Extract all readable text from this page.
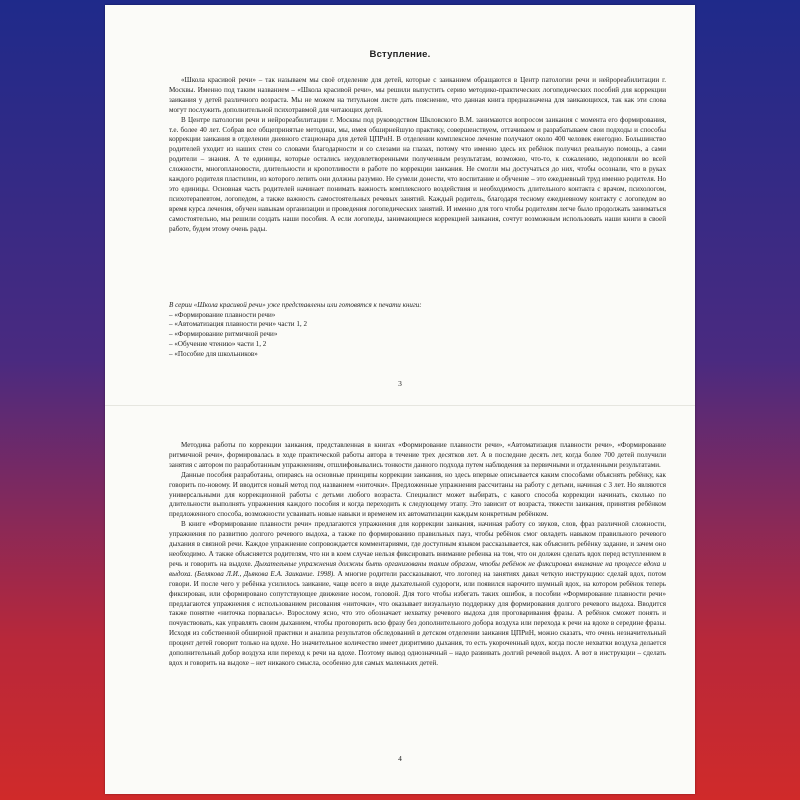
Вступление.

«Школа красивой речи» – так называем мы своё отделение для детей, которые с заиканием обращаются в Центр патологии речи и нейрореабилитации г. Москвы. Именно под таким названием – «Школа красивой речи», мы решили выпустить серию методико-практических логопедических пособий для коррекции заикания у детей различного возраста. Мы не можем на титульном листе дать пояснение, что данная книга предназначена для заикающихся, так как эти слова могут послужить дополнительной психотравмой для читающих детей.

В Центре патологии речи и нейрореабилитации г. Москвы под руководством Шкловского В.М. занимаются вопросом заикания с момента его формирования, т.е. более 40 лет. Собрав все общепринятые методики, мы, имея обширнейшую практику, совершенствуем, оттачиваем и разрабатываем свои подходы и способы коррекции заикания в отделении дневного стационара для детей ЦПРиН. В отделении комплексное лечение получают около 400 человек ежегодно. Большинство родителей уходит из наших стен со словами благодарности и со слезами на глазах, потому что именно здесь их ребёнок получил реальную помощь, а сами родители – знания. А те единицы, которые остались неудовлетворенными полученным результатам, возможно, что-то, к сожалению, недопоняли во всей сложности, многоплановости, длительности и кропотливости в работе по коррекции заикания. Не смогли мы достучаться до них, чтобы осознали, что в руках каждого родителя пластилин, из которого лепить они должны разумно. Не сумели донести, что воспитание и обучение – это ежедневный труд именно родителя. Но это единицы. Основная часть родителей начинает понимать важность комплексного воздействия и необходимость длительного контакта с врачом, психологом, психотерапевтом, логопедом, а также важность самостоятельных речевых занятий. Каждый родитель, благодаря тесному ежедневному контакту с логопедом во время курса лечения, обучен навыкам организации и проведения логопедических занятий. И именно для того чтобы родителям легче было продолжать заниматься самостоятельно, мы решили создать наши пособия. А если логопеды, занимающиеся коррекцией заикания, сочтут возможным использовать наши книги в своей работе, будем этому очень рады.

В серии «Школа красивой речи» уже представлены или готовятся к печати книги:
– «Формирование плавности речи»
– «Автоматизация плавности речи» части 1, 2
– «Формирование ритмичной речи»
– «Обучение чтению» части 1, 2
– «Пособие для школьников»
3

Методика работы по коррекции заикания, представленная в книгах «Формирование плавности речи», «Автоматизация плавности речи», «Формирование ритмичной речи», формировалась в ходе практической работы автора в течение трех десятков лет. А в последние десять лет, когда более 700 детей получили занятия с автором по разработанным упражнениям, отшлифовывались тонкости данного подхода путем наблюдения за первичными и отдаленными результатами.

Данные пособия разработаны, опираясь на основные принципы коррекции заикания, но здесь впервые описывается каким способами объяснять ребёнку, как говорить по-новому. И вводится новый метод под названием «ниточки». Предложенные упражнения рассчитаны на работу с детьми, начиная с 3 лет. Но являются универсальными для коррекционной работы с детьми любого возраста. Специалист может выбирать, с какого способа коррекции начинать, сколько по длительности выполнять упражнения каждого пособия и когда переходить к следующему этапу. Это зависит от возраста, тяжести заикания, принятия ребёнком предложенного способа, возможности усваивать новые навыки и временем их автоматизации каждым конкретным ребёнком.

В книге «Формирование плавности речи» предлагаются упражнения для коррекции заикания, начиная работу со звуков, слов, фраз различной сложности, упражнения по развитию долгого речевого выдоха, а также по формированию правильных пауз, чтобы ребёнок смог овладеть навыком правильного речевого дыхания в связной речи. Каждое упражнение сопровождается комментариями, где доступным языком рассказывается, как объяснить ребёнку задание, и зачем оно необходимо. А также объясняется родителям, что ни в коем случае нельзя фиксировать внимание ребенка на том, что он должен сделать вдох перед вступлением в речь и говорить на выдохе. Дыхательные упражнения должны быть организованы таким образом, чтобы ребёнок не фиксировал внимание на процессе вдоха и выдоха. (Белякова Л.И., Дьякова Е.А. Заикание. 1998). А многие родители рассказывают, что логопед на занятиях давал четкую инструкцию: сделай вдох, потом говори. И после чего у ребёнка усилилось заикание, чаще всего в виде дыхательной судороги, или появился нарочито шумный вдох, на котором ребёнок теперь фиксирован, или сформировано сопутствующее движение носом, головой. Для того чтобы избегать таких ошибок, в пособии «Формирование плавности речи» предлагаются упражнения с использованием рисования «ниточки», что оказывает визуальную поддержку для формирования долгого речевого выдоха. Вводится также понятие «ниточка порвалась». Взрослому ясно, что это обозначает нехватку речевого выдоха для проговаривания фразы. А ребёнок сможет понять и почувствовать, как управлять своим дыханием, чтобы проговорить всю фразу без дополнительного добора воздуха или перехода к речи на вдохе в середине фразы. Исходя из собственной обширной практики и анализа результатов обследований в детском отделении заикания ЦПРиН, можно сказать, что очень незначительный процент детей говорит только на вдохе. Но значительное количество имеет дизритмию дыхания, то есть укороченный вдох, когда после нехватки воздуха делается дополнительный добор воздуха или переход к речи на вдохе. Поэтому вывод однозначный – надо развивать долгий речевой выдох. А вот в инструкции – сделать вдох и говорить на выдохе – нет никакого смысла, особенно для самых маленьких детей.

4
